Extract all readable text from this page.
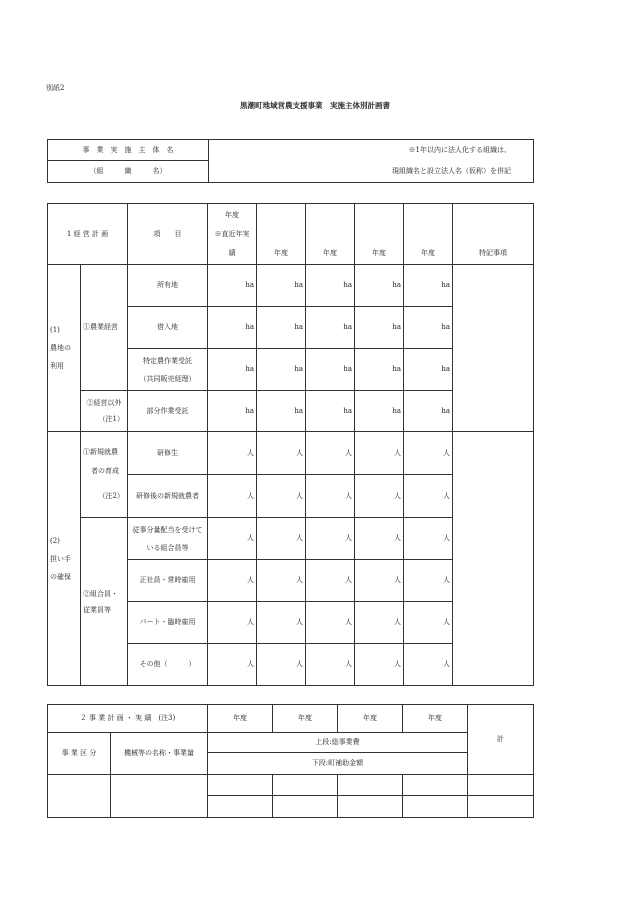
別紙2
黒潮町地域営農支援事業　実施主体別計画書
事　業　実　施　主　体　名	※1年以内に法人化する組織は、
現組織名と設立法人名（仮称）を併記

（組　　　織　　　名）
1 経 営 計 画		項　　目	年度
※直近年実
績	年度	年度	年度	年度	特記事項

(1)
農地の
利用	①農業経営	所有地	ha	ha	ha	ha	ha	
		借入地	ha	ha	ha	ha	ha	

		特定農作業受託
（共同販売経理）	ha	ha	ha	ha	ha	

	②経営以外
（注1）	部分作業受託	ha	ha	ha	ha	ha	

(2)
担い手
の確保	①新規就農
者の育成
（注2）	研修生	人	人	人	人	人	
		研修後の新規就農者	人	人	人	人	人	

	②組合員・
従業員等	従事分量配当を受けて
いる組合員等	人	人	人	人	人	
		正社員・常時雇用	人	人	人	人	人	
		パート・臨時雇用	人	人	人	人	人	
		その他（　　　）	人	人	人	人	人	
２ 事 業 計 画 ・ 実 績　(注3)		年度	年度	年度	年度	計
事 業 区 分	機械等の名称・事業量	上段:総事業費				
		下段:町補助金額				
